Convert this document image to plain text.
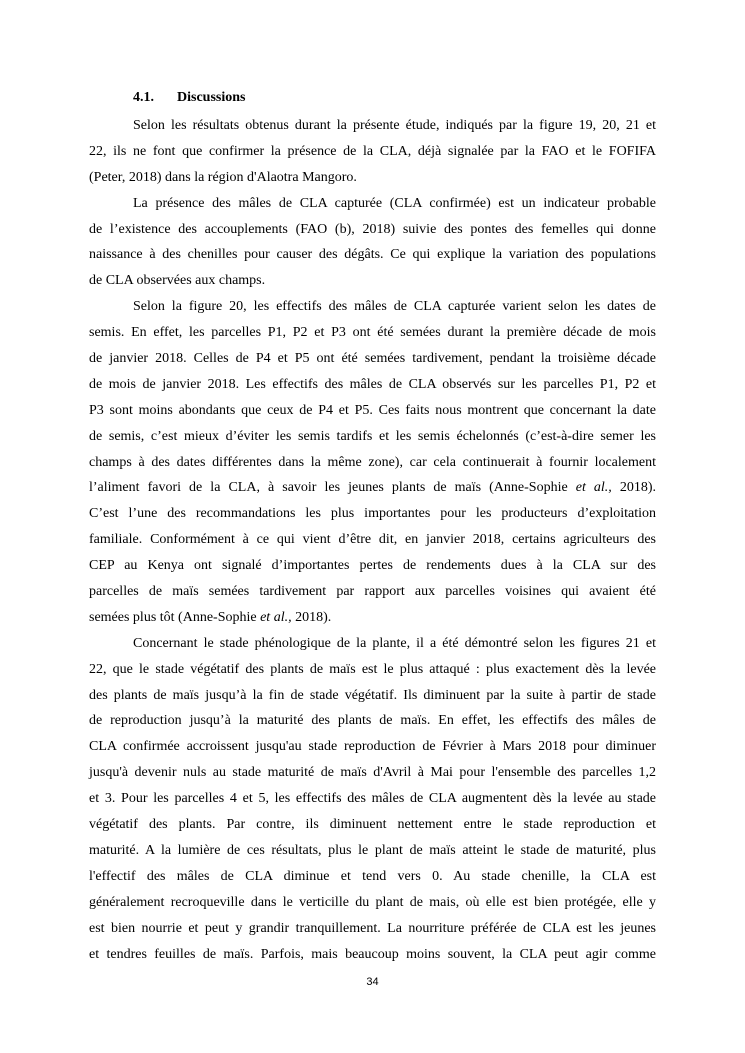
4.1. Discussions
Selon les résultats obtenus durant la présente étude, indiqués par la figure 19, 20, 21 et
22, ils ne font que confirmer la présence de la CLA, déjà signalée par la FAO et le FOFIFA
(Peter, 2018) dans la région d'Alaotra Mangoro.
La présence des mâles de CLA capturée (CLA confirmée) est un indicateur probable
de l’existence des accouplements (FAO (b), 2018) suivie des pontes des femelles qui donne
naissance à des chenilles pour causer des dégâts. Ce qui explique la variation des populations
de CLA observées aux champs.
Selon la figure 20, les effectifs des mâles de CLA capturée varient selon les dates de
semis. En effet, les parcelles P1, P2 et P3 ont été semées durant la première décade de mois
de janvier 2018. Celles de P4 et P5 ont été semées tardivement, pendant la troisième décade
de mois de janvier 2018. Les effectifs des mâles de CLA observés sur les parcelles P1, P2 et
P3 sont moins abondants que ceux de P4 et P5. Ces faits nous montrent que concernant la date
de semis, c’est mieux d’éviter les semis tardifs et les semis échelonnés (c’est-à-dire semer les
champs à des dates différentes dans la même zone), car cela continuerait à fournir localement
l’aliment favori de la CLA, à savoir les jeunes plants de maïs (Anne-Sophie et al., 2018).
C’est l’une des recommandations les plus importantes pour les producteurs d’exploitation
familiale. Conformément à ce qui vient d’être dit, en janvier 2018, certains agriculteurs des
CEP au Kenya ont signalé d’importantes pertes de rendements dues à la CLA sur des
parcelles de maïs semées tardivement par rapport aux parcelles voisines qui avaient été
semées plus tôt (Anne-Sophie et al., 2018).
Concernant le stade phénologique de la plante, il a été démontré selon les figures 21 et
22, que le stade végétatif des plants de maïs est le plus attaqué : plus exactement dès la levée
des plants de maïs jusqu’à la fin de stade végétatif. Ils diminuent par la suite à partir de stade
de reproduction jusqu’à la maturité des plants de maïs. En effet, les effectifs des mâles de
CLA confirmée accroissent jusqu'au stade reproduction de Février à Mars 2018 pour diminuer
jusqu'à devenir nuls au stade maturité de maïs d'Avril à Mai pour l'ensemble des parcelles 1,2
et 3. Pour les parcelles 4 et 5, les effectifs des mâles de CLA augmentent dès la levée au stade
végétatif des plants. Par contre, ils diminuent nettement entre le stade reproduction et
maturité. A la lumière de ces résultats, plus le plant de maïs atteint le stade de maturité, plus
l'effectif des mâles de CLA diminue et tend vers 0. Au stade chenille, la CLA est
généralement recroqueville dans le verticille du plant de mais, où elle est bien protégée, elle y
est bien nourrie et peut y grandir tranquillement. La nourriture préférée de CLA est les jeunes
et tendres feuilles de maïs. Parfois, mais beaucoup moins souvent, la CLA peut agir comme
34
